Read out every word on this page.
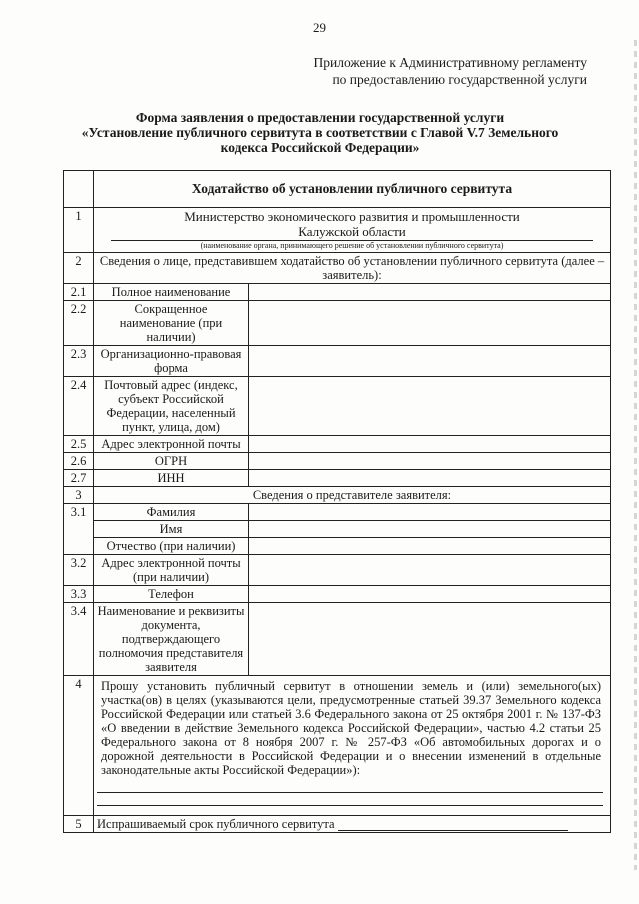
29
Приложение к Административному регламенту
по предоставлению государственной услуги
Форма заявления о предоставлении государственной услуги
«Установление публичного сервитута в соответствии с Главой V.7 Земельного
кодекса Российской Федерации»
	Ходатайство об установлении публичного сервитута	
1	Министерство экономического развития и промышленности
Калужской области
(наименование органа, принимающего решение об установлении публичного сервитута)	

2	Сведения о лице, представившем ходатайство об установлении публичного сервитута (далее – заявитель):	
2.1	Полное наименование	
2.2	Сокращенное наименование (при наличии)	
2.3	Организационно-правовая форма	
2.4	Почтовый адрес (индекс, субъект Российской Федерации, населенный пункт, улица, дом)	
2.5	Адрес электронной почты	
2.6	ОГРН	
2.7	ИНН	
3	Сведения о представителе заявителя:	
3.1	Фамилия	
	Имя	
	Отчество (при наличии)	
3.2	Адрес электронной почты (при наличии)	
3.3	Телефон	
3.4	Наименование и реквизиты документа, подтверждающего полномочия представителя заявителя	
4	Прошу установить публичный сервитут в отношении земель и (или) земельного(ых) участка(ов) в целях (указываются цели, предусмотренные статьей 39.37 Земельного кодекса Российской Федерации или статьей 3.6 Федерального закона от 25 октября 2001 г. № 137-ФЗ «О введении в действие Земельного кодекса Российской Федерации», частью 4.2 статьи 25 Федерального закона от 8 ноября 2007 г. № 257-ФЗ «Об автомобильных дорогах и о дорожной деятельности в Российской Федерации и о внесении изменений в отдельные законодательные акты Российской Федерации»):	

5	Испрашиваемый срок публичного сервитута	
